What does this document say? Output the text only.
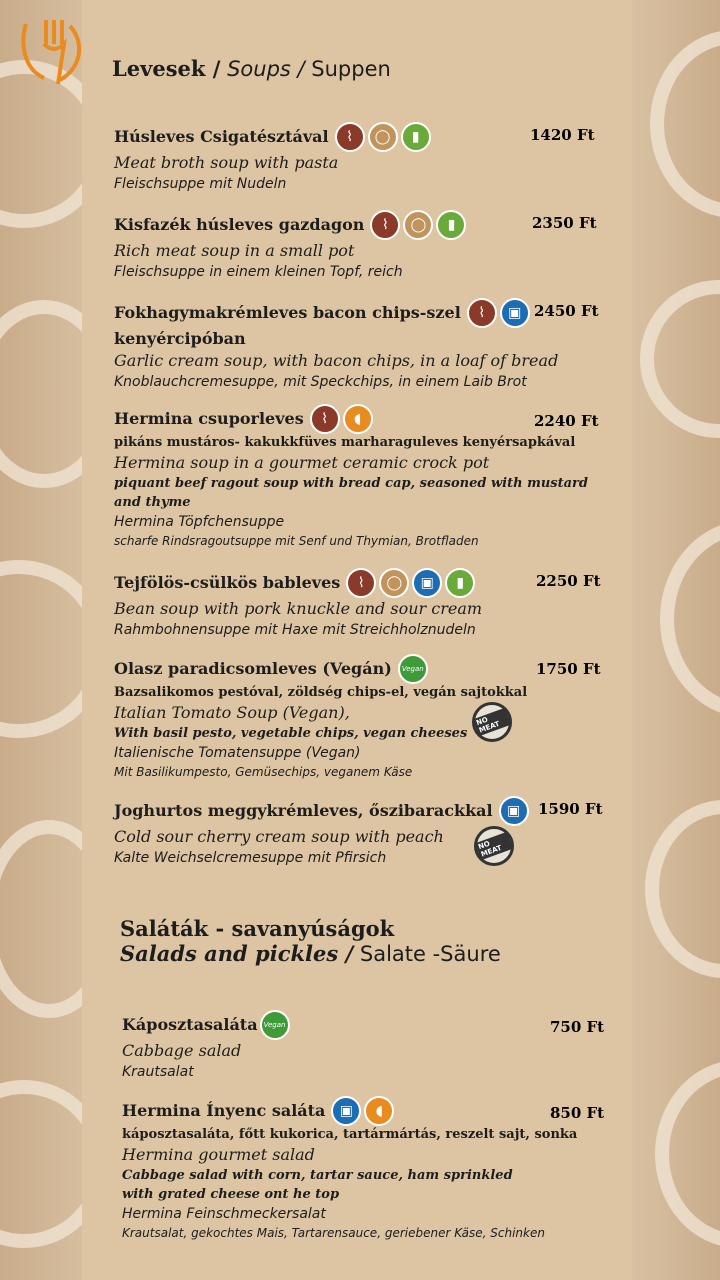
Levesek / Soups / Suppen
Húsleves Csigatésztával	⌇	◯	▮
Meat broth soup with pasta
Fleischsuppe mit Nudeln
1420 Ft
Kisfazék húsleves gazdagon	⌇	◯	▮
Rich meat soup in a small pot
Fleischsuppe in einem kleinen Topf, reich
2350 Ft
Fokhagymakrémleves bacon chips-szel	⌇	▣
kenyércipóban
Garlic cream soup, with bacon chips, in a loaf of bread
Knoblauchcremesuppe, mit Speckchips, in einem Laib Brot
2450 Ft
Hermina csuporleves	⌇	◖
pikáns mustáros- kakukkfüves marharaguleves kenyérsapkával
Hermina soup in a gourmet ceramic crock pot
piquant beef ragout soup with bread cap, seasoned with mustard and thyme
Hermina Töpfchensuppe
scharfe Rindsragoutsuppe mit Senf und Thymian, Brotfladen
2240 Ft
Tejfölös-csülkös bableves	⌇	◯	▣	▮
Bean soup with pork knuckle and sour cream
Rahmbohnensuppe mit Haxe mit Streichholznudeln
2250 Ft
Olasz paradicsomleves (Vegán)	Vegan
Bazsalikomos pestóval, zöldség chips-el, vegán sajtokkal
Italian Tomato Soup (Vegan),
With basil pesto, vegetable chips, vegan cheeses
Italienische Tomatensuppe (Vegan)
Mit Basilikumpesto, Gemüsechips, veganem Käse
1750 Ft
NO MEAT
Joghurtos meggykrémleves, őszibarackkal	▣
Cold sour cherry cream soup with peach
Kalte Weichselcremesuppe mit Pfirsich
1590 Ft
NO MEAT
Saláták - savanyúságok
Salads and pickles / Salate -Säure
Káposztasaláta Vegan
Cabbage salad
Krautsalat
750 Ft
Hermina Ínyenc saláta	▣	◖
káposztasaláta, főtt kukorica, tartármártás, reszelt sajt, sonka
Hermina gourmet salad
Cabbage salad with corn, tartar sauce, ham sprinkled
with grated cheese ont he top
Hermina Feinschmeckersalat
Krautsalat, gekochtes Mais, Tartarensauce, geriebener Käse, Schinken
850 Ft
